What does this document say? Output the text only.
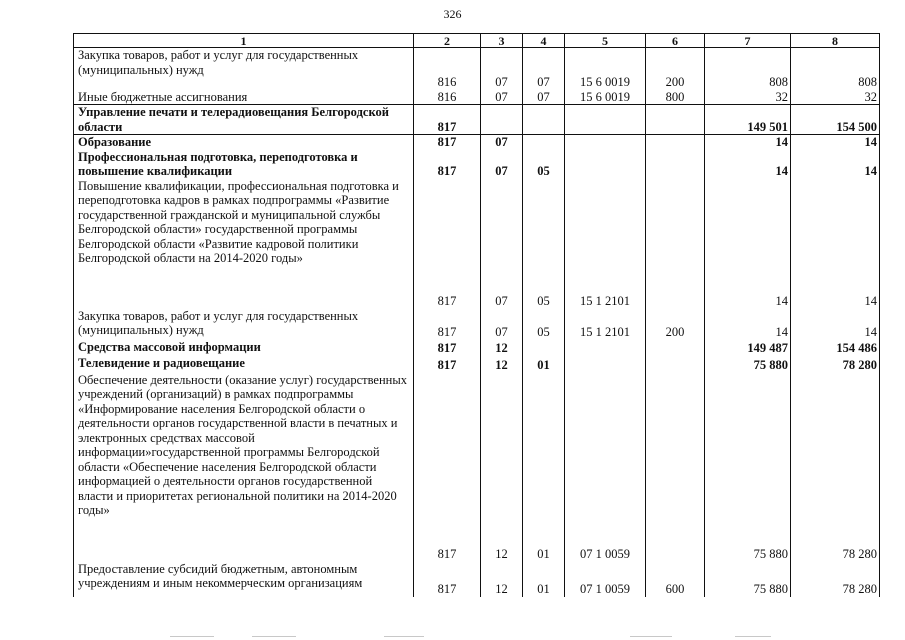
326
1	2	3	4	5	6	7	8
Закупка товаров, работ и услуг для государственных (муниципальных) нужд	816	07	07	15 6 0019	200	808	808
Иные бюджетные ассигнования	816	07	07	15 6 0019	800	32	32
Управление печати и телерадиовещания Белгородской области	817					149 501	154 500
Образование	817	07				14	14
Профессиональная подготовка, переподготовка и повышение квалификации	817	07	05			14	14
Повышение квалификации, профессиональная подготовка и переподготовка кадров в рамках подпрограммы «Развитие государственной гражданской и муниципальной службы Белгородской области» государственной программы Белгородской области «Развитие кадровой политики Белгородской области на 2014-2020 годы»	817	07	05	15 1 2101		14	14
Закупка товаров, работ и услуг для государственных (муниципальных) нужд	817	07	05	15 1 2101	200	14	14
Средства массовой информации	817	12				149 487	154 486
Телевидение и радиовещание	817	12	01			75 880	78 280
Обеспечение деятельности (оказание услуг) государственных учреждений (организаций) в рамках подпрограммы «Информирование населения Белгородской области о деятельности органов государственной власти в печатных и электронных средствах массовой информации»государственной программы Белгородской области «Обеспечение населения Белгородской области информацией о деятельности органов государственной власти и приоритетах региональной политики на 2014-2020 годы»	817	12	01	07 1 0059		75 880	78 280
Предоставление субсидий бюджетным, автономным учреждениям и иным некоммерческим организациям	817	12	01	07 1 0059	600	75 880	78 280
